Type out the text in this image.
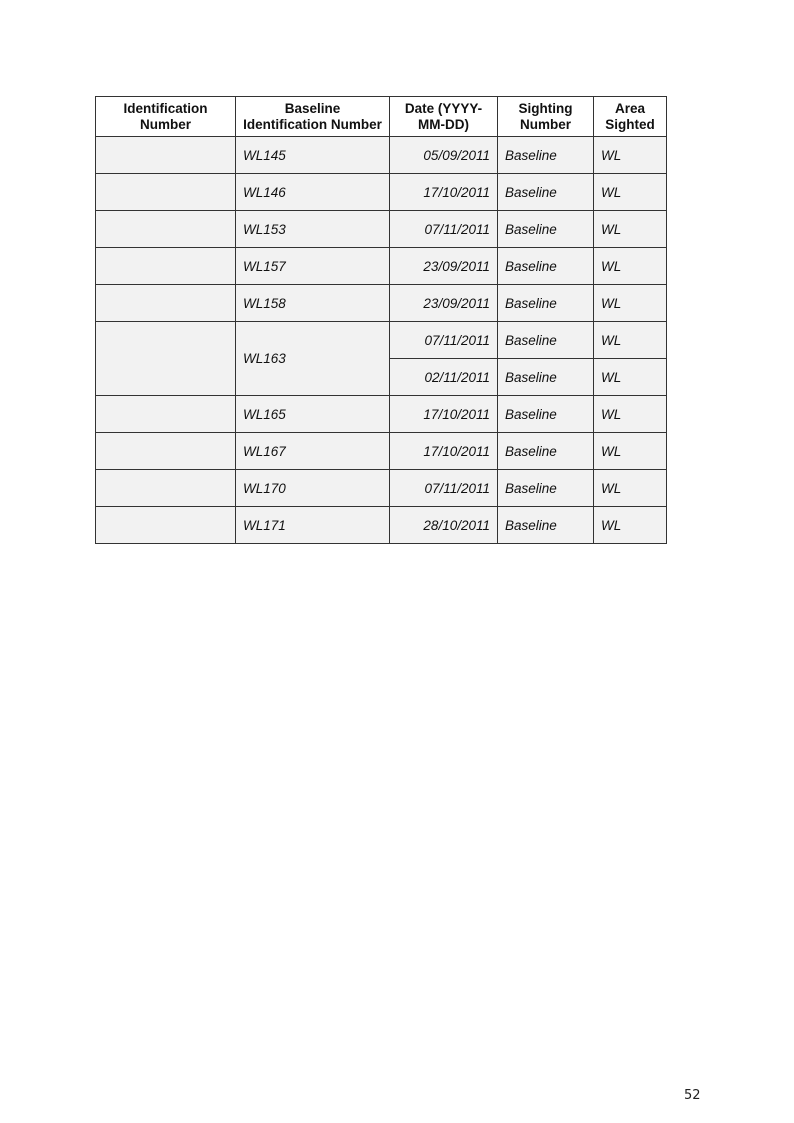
Identification Number	Baseline Identification Number	Date (YYYY-MM-DD)	Sighting Number	Area Sighted
	WL145	05/09/2011	Baseline	WL
	WL146	17/10/2011	Baseline	WL
	WL153	07/11/2011	Baseline	WL
	WL157	23/09/2011	Baseline	WL
	WL158	23/09/2011	Baseline	WL
	WL163	07/11/2011	Baseline	WL
		02/11/2011	Baseline	WL
	WL165	17/10/2011	Baseline	WL
	WL167	17/10/2011	Baseline	WL
	WL170	07/11/2011	Baseline	WL
	WL171	28/10/2011	Baseline	WL
52
